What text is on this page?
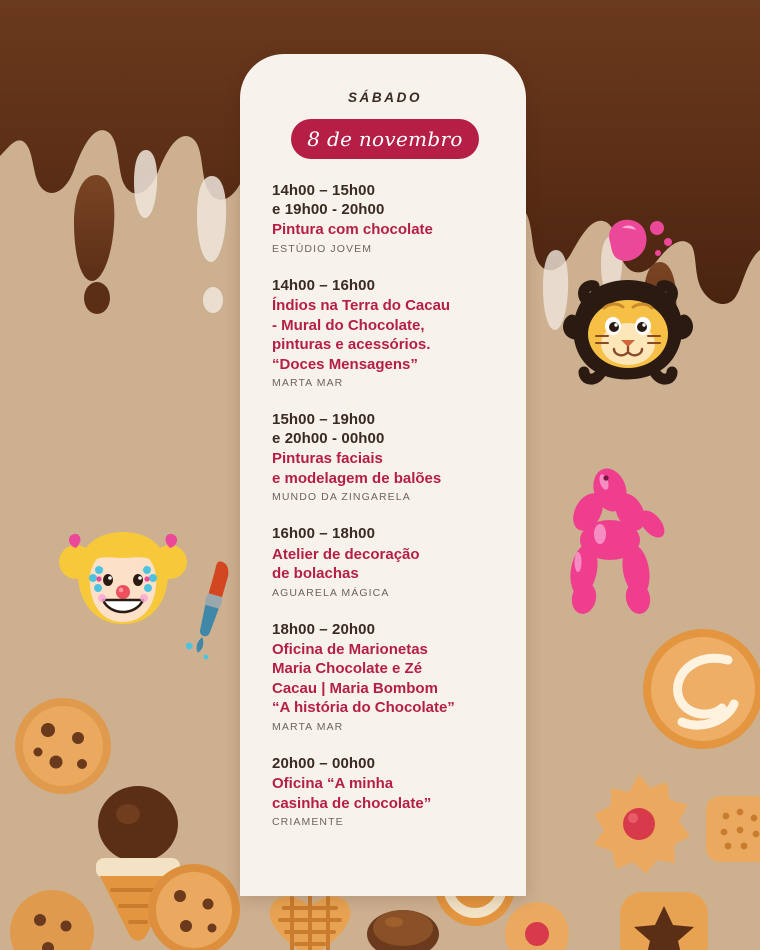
SÁBADO
8 de novembro
14h00 – 15h00
e 19h00 - 20h00
Pintura com chocolate
ESTÚDIO JOVEM
14h00 – 16h00
Índios na Terra do Cacau
- Mural do Chocolate,
pinturas e acessórios.
“Doces Mensagens”
MARTA MAR
15h00 – 19h00
e 20h00 - 00h00
Pinturas faciais
e modelagem de balões
MUNDO DA ZINGARELA
16h00 – 18h00
Atelier de decoração
de bolachas
AGUARELA MÁGICA
18h00 – 20h00
Oficina de Marionetas
Maria Chocolate e Zé
Cacau | Maria Bombom
“A história do Chocolate”
MARTA MAR
20h00 – 00h00
Oficina “A minha
casinha de chocolate”
CRIAMENTE
